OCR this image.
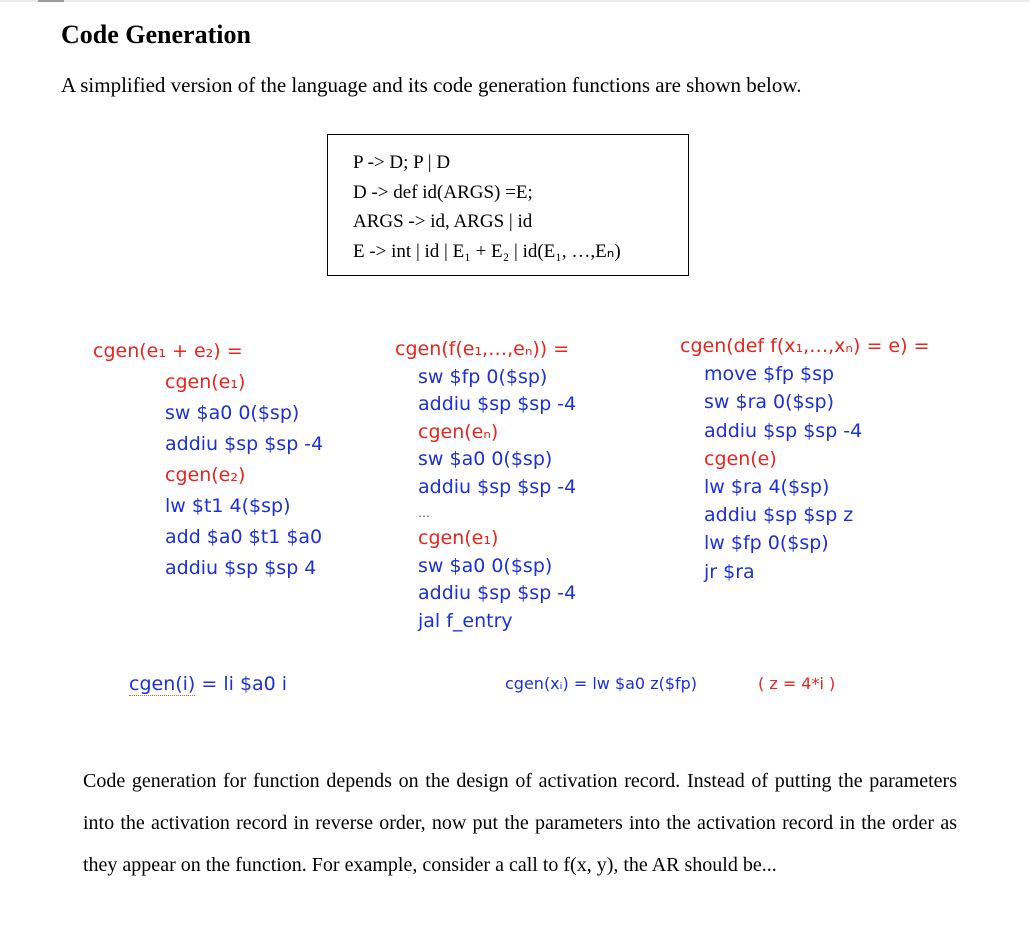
Code Generation

A simplified version of the language and its code generation functions are shown below.

P -> D; P | D
D -> def id(ARGS) =E;
ARGS -> id, ARGS | id
E -> int | id | E₁ + E₂ | id(E₁, …,Eₙ)
cgen(e₁ + e₂) =
cgen(e₁)
sw $a0 0($sp)
addiu $sp $sp -4
cgen(e₂)
lw $t1 4($sp)
add $a0 $t1 $a0
addiu $sp $sp 4
cgen(f(e₁,…,eₙ)) =
sw $fp 0($sp)
addiu $sp $sp -4
cgen(eₙ)
sw $a0 0($sp)
addiu $sp $sp -4
…
cgen(e₁)
sw $a0 0($sp)
addiu $sp $sp -4
jal f_entry
cgen(def f(x₁,…,xₙ) = e) =
move $fp $sp
sw $ra 0($sp)
addiu $sp $sp -4
cgen(e)
lw $ra 4($sp)
addiu $sp $sp z
lw $fp 0($sp)
jr $ra
cgen(i) = li $a0 i	cgen(xᵢ) = lw $a0 z($fp)	( z = 4*i )

Code generation for function depends on the design of activation record. Instead of putting the parameters into the activation record in reverse order, now put the parameters into the activation record in the order as they appear on the function. For example, consider a call to f(x, y), the AR should be...
